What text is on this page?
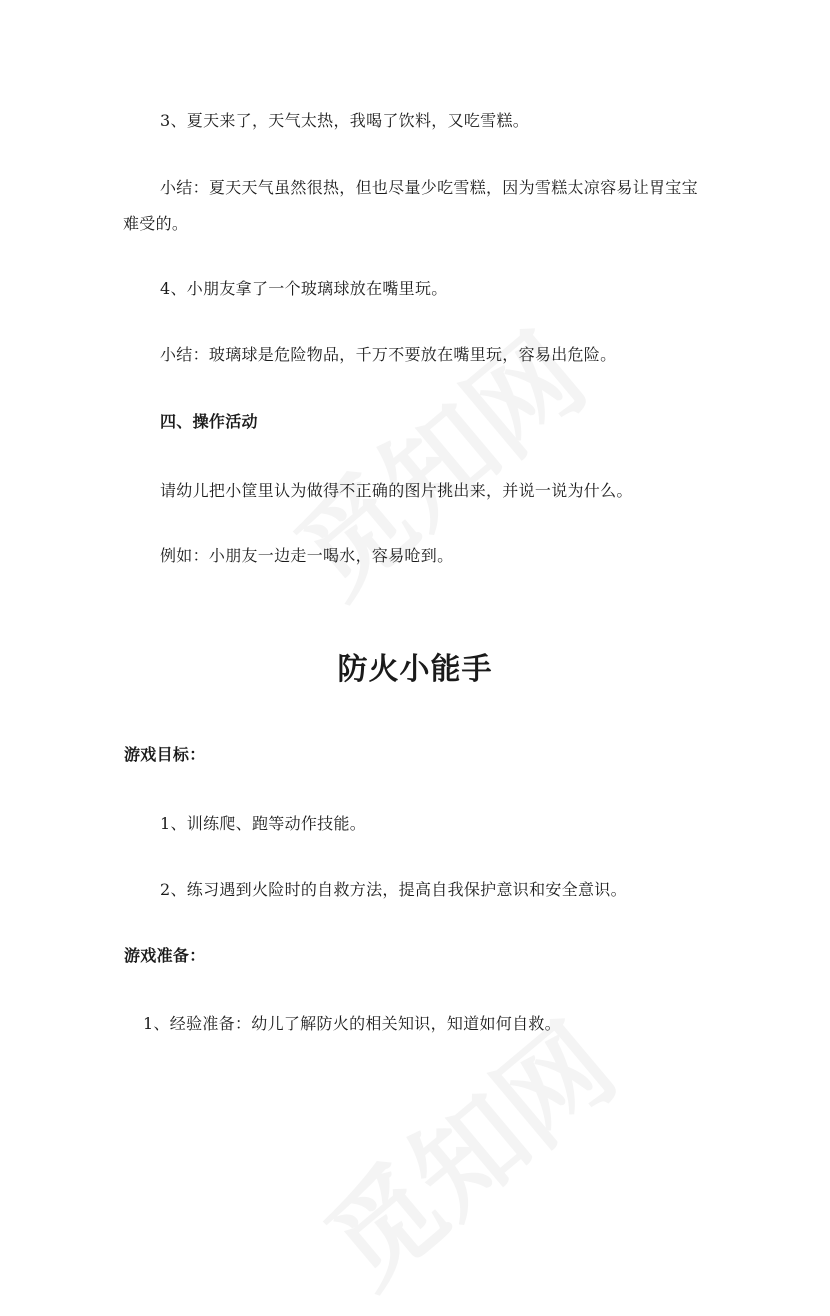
3、夏天来了，天气太热，我喝了饮料，又吃雪糕。
小结：夏天天气虽然很热，但也尽量少吃雪糕，因为雪糕太凉容易让胃宝宝难受的。
4、小朋友拿了一个玻璃球放在嘴里玩。
小结：玻璃球是危险物品，千万不要放在嘴里玩，容易出危险。
四、操作活动
请幼儿把小筐里认为做得不正确的图片挑出来，并说一说为什么。
例如：小朋友一边走一喝水，容易呛到。
防火小能手
游戏目标：
1、训练爬、跑等动作技能。
2、练习遇到火险时的自救方法，提高自我保护意识和安全意识。
游戏准备：
1、经验准备：幼儿了解防火的相关知识，知道如何自救。
